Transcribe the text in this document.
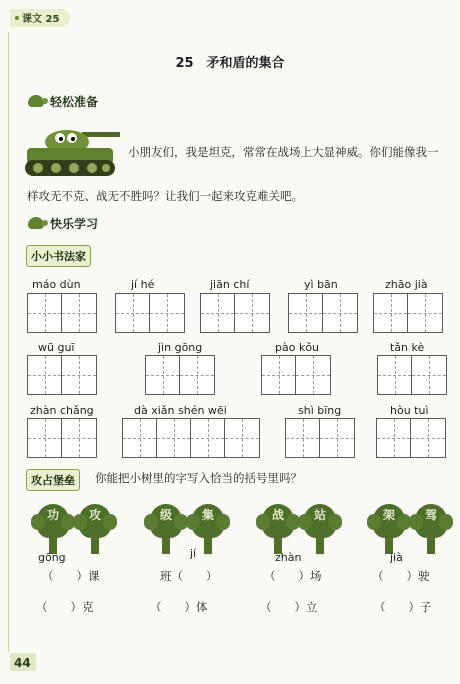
课文 25
25　矛和盾的集合
轻松准备
小朋友们，我是坦克，常常在战场上大显神威。你们能像我一
样攻无不克、战无不胜吗？让我们一起来攻克难关吧。
快乐学习
小小书法家
máo dùn	jí hé	jiān chí	yì bān	zhāo jià
wū guī	jìn gōng	pào kǒu	tǎn kè
zhàn chǎng	dà xiǎn shén wēi	shì bīng	hòu tuì
攻占堡垒	你能把小树里的字写入恰当的括号里吗？
功	攻	级	集	战	站	架	驾
gōng	jí	zhàn	jià
（　　）课	班（　　）	（　　）场	（　　）驶
（　　）克	（　　）体	（　　）立	（　　）子
44
